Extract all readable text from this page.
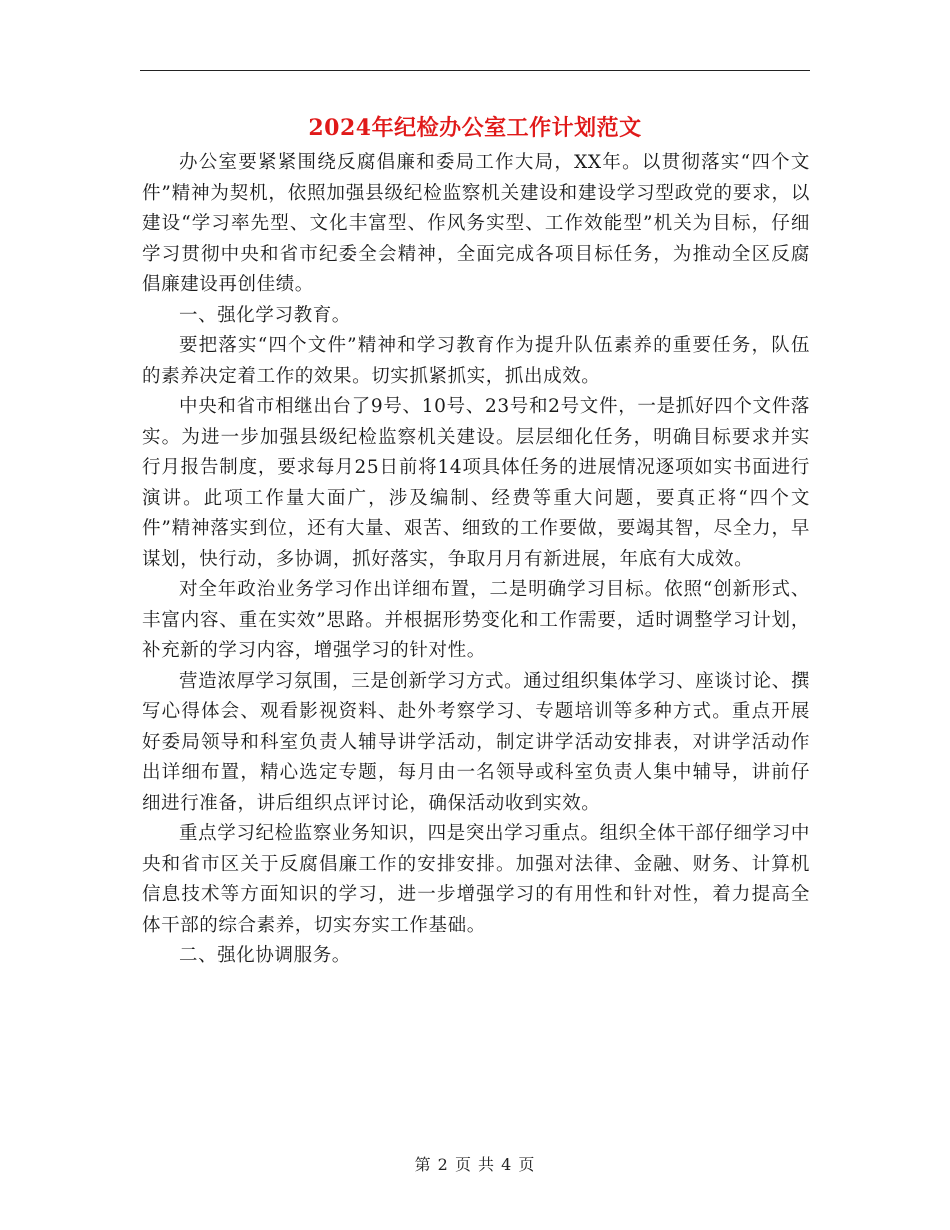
2024年纪检办公室工作计划范文

办公室要紧紧围绕反腐倡廉和委局工作大局，XX年。以贯彻落实“四个文件”精神为契机，依照加强县级纪检监察机关建设和建设学习型政党的要求，以建设“学习率先型、文化丰富型、作风务实型、工作效能型”机关为目标，仔细学习贯彻中央和省市纪委全会精神，全面完成各项目标任务，为推动全区反腐倡廉建设再创佳绩。

一、强化学习教育。

要把落实“四个文件”精神和学习教育作为提升队伍素养的重要任务，队伍的素养决定着工作的效果。切实抓紧抓实，抓出成效。

中央和省市相继出台了9号、10号、23号和2号文件，一是抓好四个文件落实。为进一步加强县级纪检监察机关建设。层层细化任务，明确目标要求并实行月报告制度，要求每月25日前将14项具体任务的进展情况逐项如实书面进行演讲。此项工作量大面广，涉及编制、经费等重大问题，要真正将“四个文件”精神落实到位，还有大量、艰苦、细致的工作要做，要竭其智，尽全力，早谋划，快行动，多协调，抓好落实，争取月月有新进展，年底有大成效。

对全年政治业务学习作出详细布置，二是明确学习目标。依照“创新形式、丰富内容、重在实效”思路。并根据形势变化和工作需要，适时调整学习计划，补充新的学习内容，增强学习的针对性。

营造浓厚学习氛围，三是创新学习方式。通过组织集体学习、座谈讨论、撰写心得体会、观看影视资料、赴外考察学习、专题培训等多种方式。重点开展好委局领导和科室负责人辅导讲学活动，制定讲学活动安排表，对讲学活动作出详细布置，精心选定专题，每月由一名领导或科室负责人集中辅导，讲前仔细进行准备，讲后组织点评讨论，确保活动收到实效。

重点学习纪检监察业务知识，四是突出学习重点。组织全体干部仔细学习中央和省市区关于反腐倡廉工作的安排安排。加强对法律、金融、财务、计算机信息技术等方面知识的学习，进一步增强学习的有用性和针对性，着力提高全体干部的综合素养，切实夯实工作基础。

二、强化协调服务。

第 2 页 共 4 页
